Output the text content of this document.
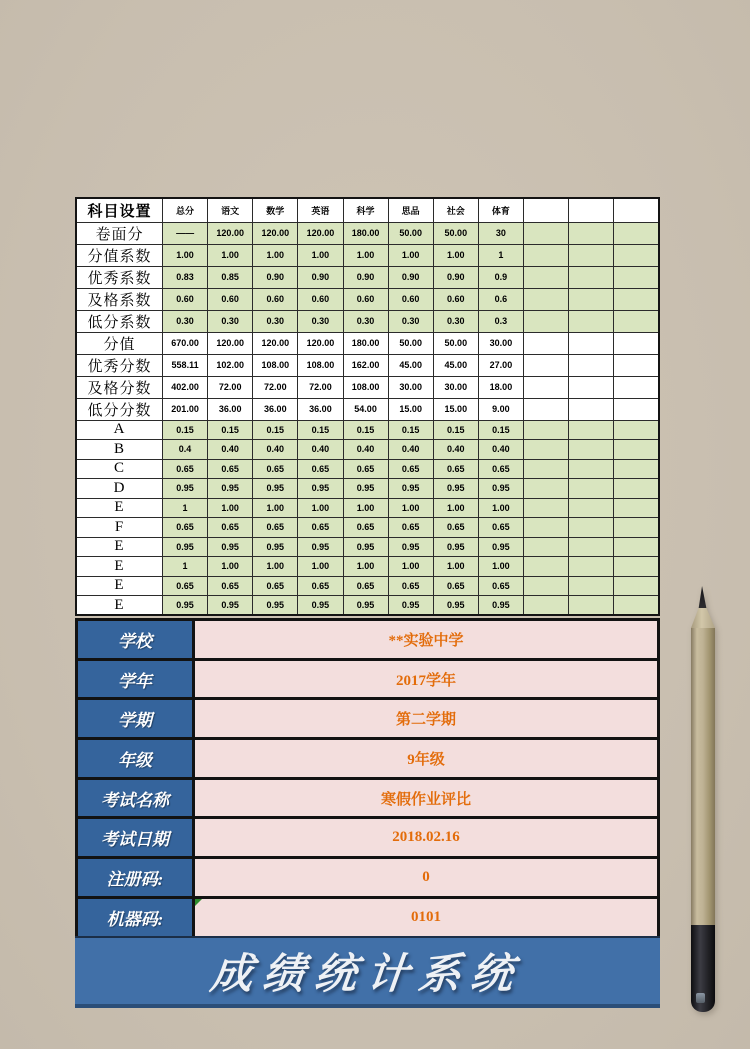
科目设置	总分	语文	数学	英语	科学	思品	社会	体育			
卷面分	——	120.00	120.00	120.00	180.00	50.00	50.00	30			
分值系数	1.00	1.00	1.00	1.00	1.00	1.00	1.00	1			
优秀系数	0.83	0.85	0.90	0.90	0.90	0.90	0.90	0.9			
及格系数	0.60	0.60	0.60	0.60	0.60	0.60	0.60	0.6			
低分系数	0.30	0.30	0.30	0.30	0.30	0.30	0.30	0.3			
分值	670.00	120.00	120.00	120.00	180.00	50.00	50.00	30.00			
优秀分数	558.11	102.00	108.00	108.00	162.00	45.00	45.00	27.00			
及格分数	402.00	72.00	72.00	72.00	108.00	30.00	30.00	18.00			
低分分数	201.00	36.00	36.00	36.00	54.00	15.00	15.00	9.00			
A	0.15	0.15	0.15	0.15	0.15	0.15	0.15	0.15			
B	0.4	0.40	0.40	0.40	0.40	0.40	0.40	0.40			
C	0.65	0.65	0.65	0.65	0.65	0.65	0.65	0.65			
D	0.95	0.95	0.95	0.95	0.95	0.95	0.95	0.95			
E	1	1.00	1.00	1.00	1.00	1.00	1.00	1.00			
F	0.65	0.65	0.65	0.65	0.65	0.65	0.65	0.65			
E	0.95	0.95	0.95	0.95	0.95	0.95	0.95	0.95			
E	1	1.00	1.00	1.00	1.00	1.00	1.00	1.00			
E	0.65	0.65	0.65	0.65	0.65	0.65	0.65	0.65			
E	0.95	0.95	0.95	0.95	0.95	0.95	0.95	0.95			
学校	**实验中学
学年	2017学年
学期	第二学期
年级	9年级
考试名称	寒假作业评比
考试日期	2018.02.16
注册码:	0
机器码:	0101
成绩统计系统
